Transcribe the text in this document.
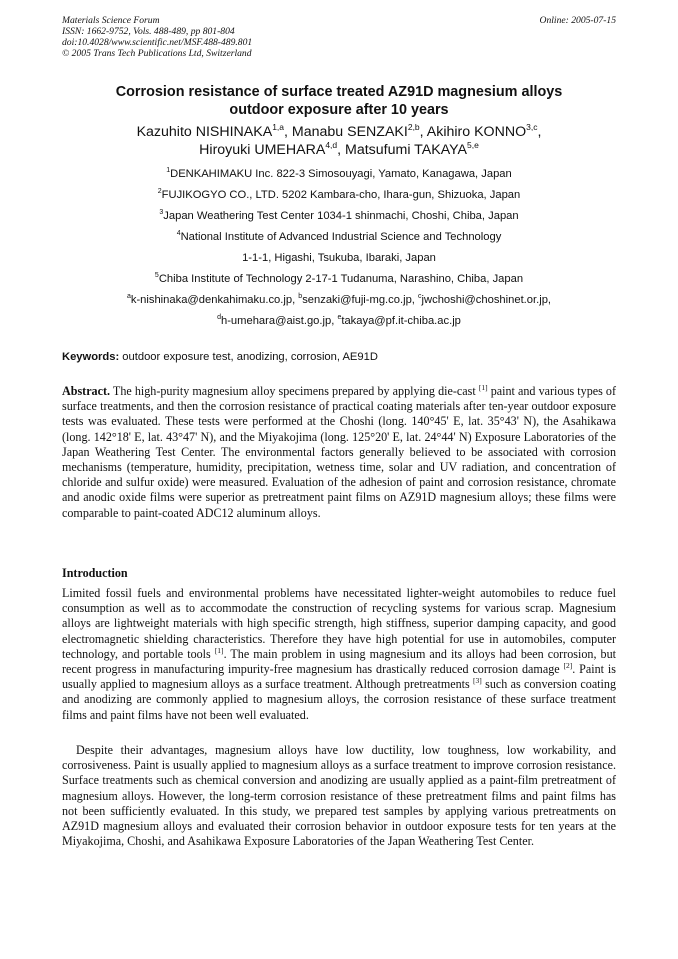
Materials Science Forum
ISSN: 1662-9752, Vols. 488-489, pp 801-804
doi:10.4028/www.scientific.net/MSF.488-489.801
© 2005 Trans Tech Publications Ltd, Switzerland
Online: 2005-07-15
Corrosion resistance of surface treated AZ91D magnesium alloys
outdoor exposure after 10 years
Kazuhito NISHINAKA$^{1,a}$, Manabu SENZAKI$^{2,b}$, Akihiro KONNO$^{3,c}$,
Hiroyuki UMEHARA$^{4,d}$, Matsufumi TAKAYA$^{5,e}$
$^1$DENKAHIMAKU Inc. 822-3 Simosouyagi, Yamato, Kanagawa, Japan
$^2$FUJIKOGYO CO., LTD. 5202 Kambara-cho, Ihara-gun, Shizuoka, Japan
$^3$Japan Weathering Test Center 1034-1 shinmachi, Choshi, Chiba, Japan
$^4$National Institute of Advanced Industrial Science and Technology
1-1-1, Higashi, Tsukuba, Ibaraki, Japan
$^5$Chiba Institute of Technology 2-17-1 Tudanuma, Narashino, Chiba, Japan
$^a$k-nishinaka@denkahimaku.co.jp, $^b$senzaki@fuji-mg.co.jp, $^c$jwchoshi@choshinet.or.jp,
$^d$h-umehara@aist.go.jp, $^e$takaya@pf.it-chiba.ac.jp
Keywords: outdoor exposure test, anodizing, corrosion, AE91D
Abstract. The high-purity magnesium alloy specimens prepared by applying die-cast [1] paint and various types of surface treatments, and then the corrosion resistance of practical coating materials after ten-year outdoor exposure tests was evaluated. These tests were performed at the Choshi (long. 140°45' E, lat. 35°43' N), the Asahikawa (long. 142°18' E, lat. 43°47' N), and the Miyakojima (long. 125°20' E, lat. 24°44' N) Exposure Laboratories of the Japan Weathering Test Center. The environmental factors generally believed to be associated with corrosion mechanisms (temperature, humidity, precipitation, wetness time, solar and UV radiation, and concentration of chloride and sulfur oxide) were measured. Evaluation of the adhesion of paint and corrosion resistance, chromate and anodic oxide films were superior as pretreatment paint films on AZ91D magnesium alloys; these films were comparable to paint-coated ADC12 aluminum alloys.
Introduction
Limited fossil fuels and environmental problems have necessitated lighter-weight automobiles to reduce fuel consumption as well as to accommodate the construction of recycling systems for various scrap. Magnesium alloys are lightweight materials with high specific strength, high stiffness, superior damping capacity, and good electromagnetic shielding characteristics. Therefore they have high potential for use in automobiles, computer technology, and portable tools [1]. The main problem in using magnesium and its alloys had been corrosion, but recent progress in manufacturing impurity-free magnesium has drastically reduced corrosion damage [2]. Paint is usually applied to magnesium alloys as a surface treatment. Although pretreatments [3] such as conversion coating and anodizing are commonly applied to magnesium alloys, the corrosion resistance of these surface treatment films and paint films have not been well evaluated.
Despite their advantages, magnesium alloys have low ductility, low toughness, low workability, and corrosiveness. Paint is usually applied to magnesium alloys as a surface treatment to improve corrosion resistance. Surface treatments such as chemical conversion and anodizing are usually applied as a paint-film pretreatment of magnesium alloys. However, the long-term corrosion resistance of these pretreatment films and paint films has not been sufficiently evaluated. In this study, we prepared test samples by applying various pretreatments on AZ91D magnesium alloys and evaluated their corrosion behavior in outdoor exposure tests for ten years at the Miyakojima, Choshi, and Asahikawa Exposure Laboratories of the Japan Weathering Test Center.
